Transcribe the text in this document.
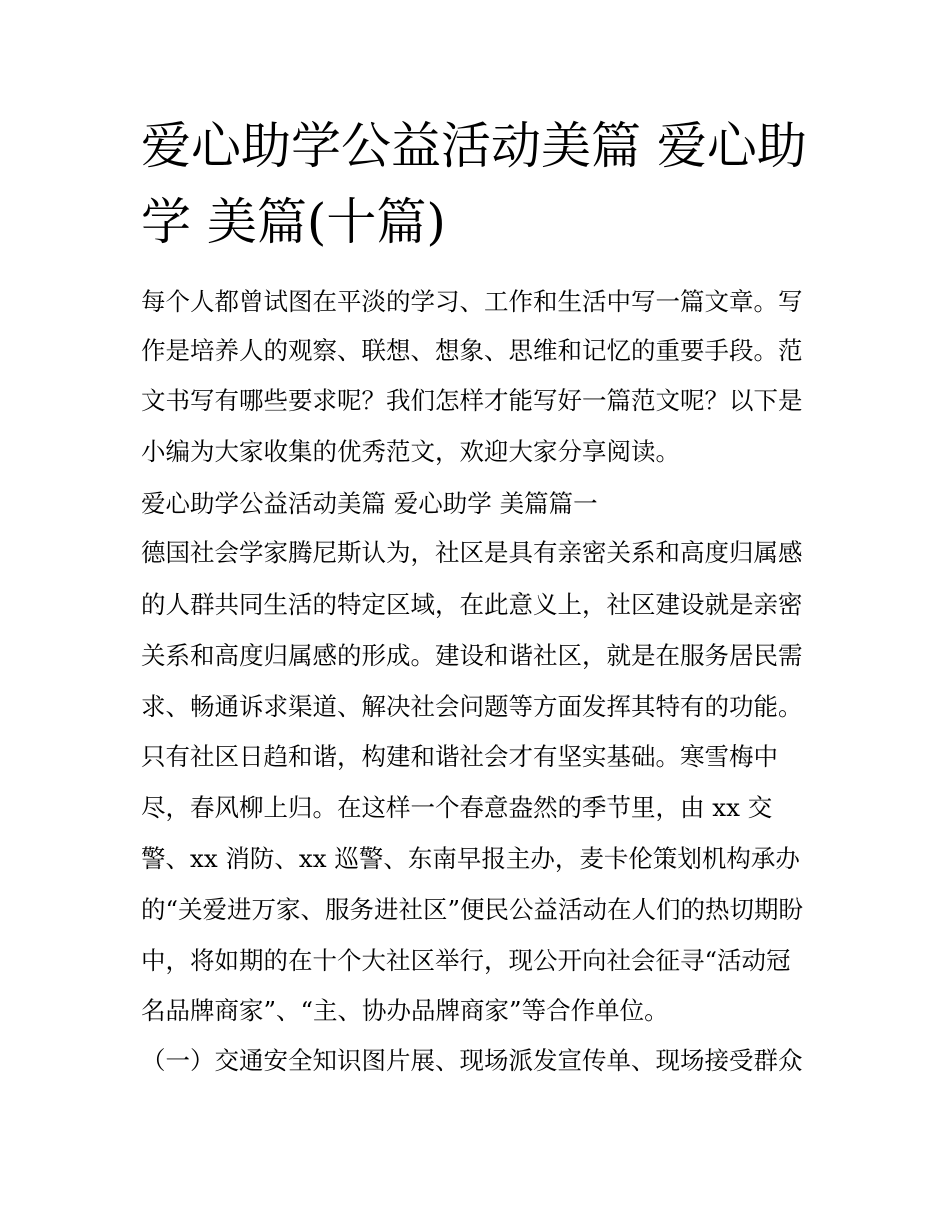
爱心助学公益活动美篇 爱心助
学 美篇(十篇)
每个人都曾试图在平淡的学习、工作和生活中写一篇文章。写
作是培养人的观察、联想、想象、思维和记忆的重要手段。范
文书写有哪些要求呢？我们怎样才能写好一篇范文呢？以下是
小编为大家收集的优秀范文，欢迎大家分享阅读。
爱心助学公益活动美篇 爱心助学 美篇篇一
德国社会学家腾尼斯认为，社区是具有亲密关系和高度归属感
的人群共同生活的特定区域，在此意义上，社区建设就是亲密
关系和高度归属感的形成。建设和谐社区，就是在服务居民需
求、畅通诉求渠道、解决社会问题等方面发挥其特有的功能。
只有社区日趋和谐，构建和谐社会才有坚实基础。寒雪梅中
尽，春风柳上归。在这样一个春意盎然的季节里，由 xx 交
警、xx 消防、xx 巡警、东南早报主办，麦卡伦策划机构承办
的“关爱进万家、服务进社区”便民公益活动在人们的热切期盼
中，将如期的在十个大社区举行，现公开向社会征寻“活动冠
名品牌商家”、“主、协办品牌商家”等合作单位。
（一）交通安全知识图片展、现场派发宣传单、现场接受群众
